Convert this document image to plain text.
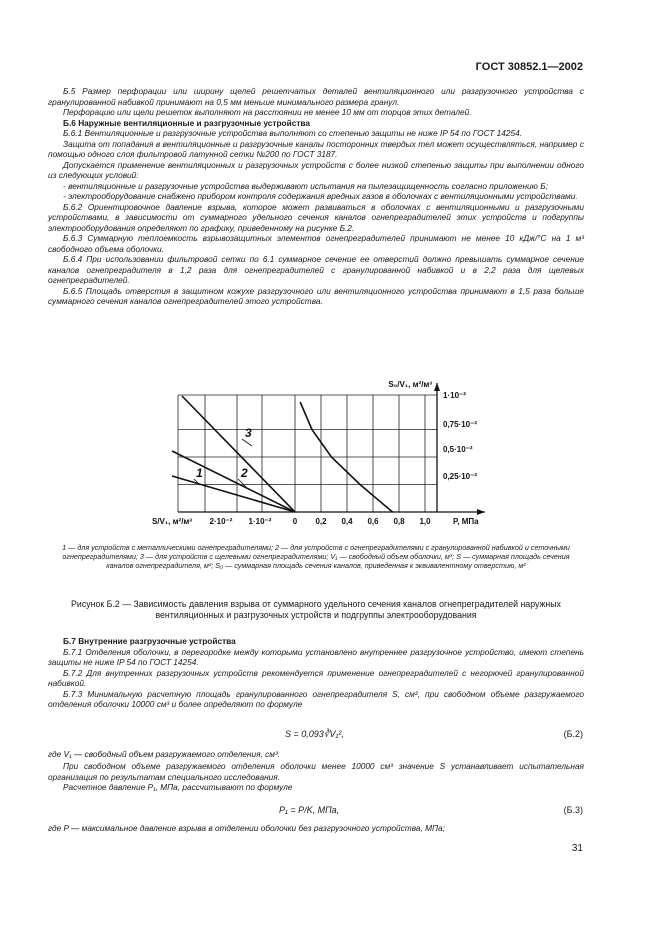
ГОСТ 30852.1—2002

Б.5 Размер перфорации или ширину щелей решетчатых деталей вентиляционного или разгрузочного устройства с гранулированной набивкой принимают на 0,5 мм меньше минимального размера гранул.

Перфорацию или щели решеток выполняют на расстоянии не менее 10 мм от торцов этих деталей.

Б.6 Наружные вентиляционные и разгрузочные устройства

Б.6.1 Вентиляционные и разгрузочные устройства выполняют со степенью защиты не ниже IP 54 по ГОСТ 14254.

Защита от попадания в вентиляционные и разгрузочные каналы посторонних твердых тел может осуществляться, например с помощью одного слоя фильтровой латунной сетки №200 по ГОСТ 3187.

Допускается применение вентиляционных и разгрузочных устройств с более низкой степенью защиты при выполнении одного из следующих условий:

- вентиляционные и разгрузочные устройства выдерживают испытания на пылезащищенность согласно приложению Б;

- электрооборудование снабжено прибором контроля содержания вредных газов в оболочках с вентиляционными устройствами.

Б.6.2 Ориентировочное давление взрыва, которое может развиваться в оболочках с вентиляционными и разгрузочными устройствами, в зависимости от суммарного удельного сечения каналов огнепреградителей этих устройств и подгруппы электрооборудования определяют по графику, приведенному на рисунке Б.2.

Б.6.3 Суммарную теплоемкость взрывозащитных элементов огнепреградителей принимают не менее 10 кДж/°С на 1 м³ свободного объема оболочки.

Б.6.4 При использовании фильтровой сетки по 6.1 суммарное сечение ее отверстий должно превышать суммарное сечение каналов огнепреградителя в 1,2 раза для огнепреградителей с гранулированной набивкой и в 2,2 раза для щелевых огнепреградителей.

Б.6.5 Площадь отверстия в защитном кожухе разгрузочного или вентиляционного устройства принимают в 1,5 раза больше суммарного сечения каналов огнепреградителей этого устройства.

3
2
1
S/V₁, м²/м³ 2·10⁻² 1·10⁻²	0 0,2 0,4 0,6 0,8 1,0	P, МПа
S₀/V₁, м²/м³
1·10⁻²
0,75·10⁻²
0,5·10⁻²
0,25·10⁻²
1 — для устройств с металлическими огнепреградителями; 2 — для устройств с огнепреградителями с гранулированной набивкой и сеточными огнепреградителями; 3 — для устройств с щелевыми огнепреградителями; V₁ — свободный объем оболочки, м³; S — суммарная площадь сечения каналов огнепреградителя, м²; S₀ — суммарная площадь сечения каналов, приведенная к эквивалентному отверстию, м²
Рисунок Б.2 — Зависимость давления взрыва от суммарного удельного сечения каналов огнепреградителей наружных вентиляционных и разгрузочных устройств и подгруппы электрооборудования

Б.7 Внутренние разгрузочные устройства

Б.7.1 Отделения оболочки, в перегородке между которыми установлено внутреннее разгрузочное устройство, имеют степень защиты не ниже IP 54 по ГОСТ 14254.

Б.7.2 Для внутренних разгрузочных устройств рекомендуется применение огнепреградителей с негорючей гранулированной набивкой.

Б.7.3 Минимальную расчетную площадь гранулированного огнепреградителя S, см², при свободном объеме разгружаемого отделения оболочки 10000 см³ и более определяют по формуле

S = 0,093∛V₁²,	(Б.2)

где V₁ — свободный объем разгружаемого отделения, см³.

При свободном объеме разгружаемого отделения оболочки менее 10000 см³ значение S устанавливает испытательная организация по результатам специального исследования.

Расчетное давление P₁, МПа, рассчитывают по формуле

P₁ = P/K, МПа,	(Б.3)

где P — максимальное давление взрыва в отделении оболочки без разгрузочного устройства, МПа;

31
